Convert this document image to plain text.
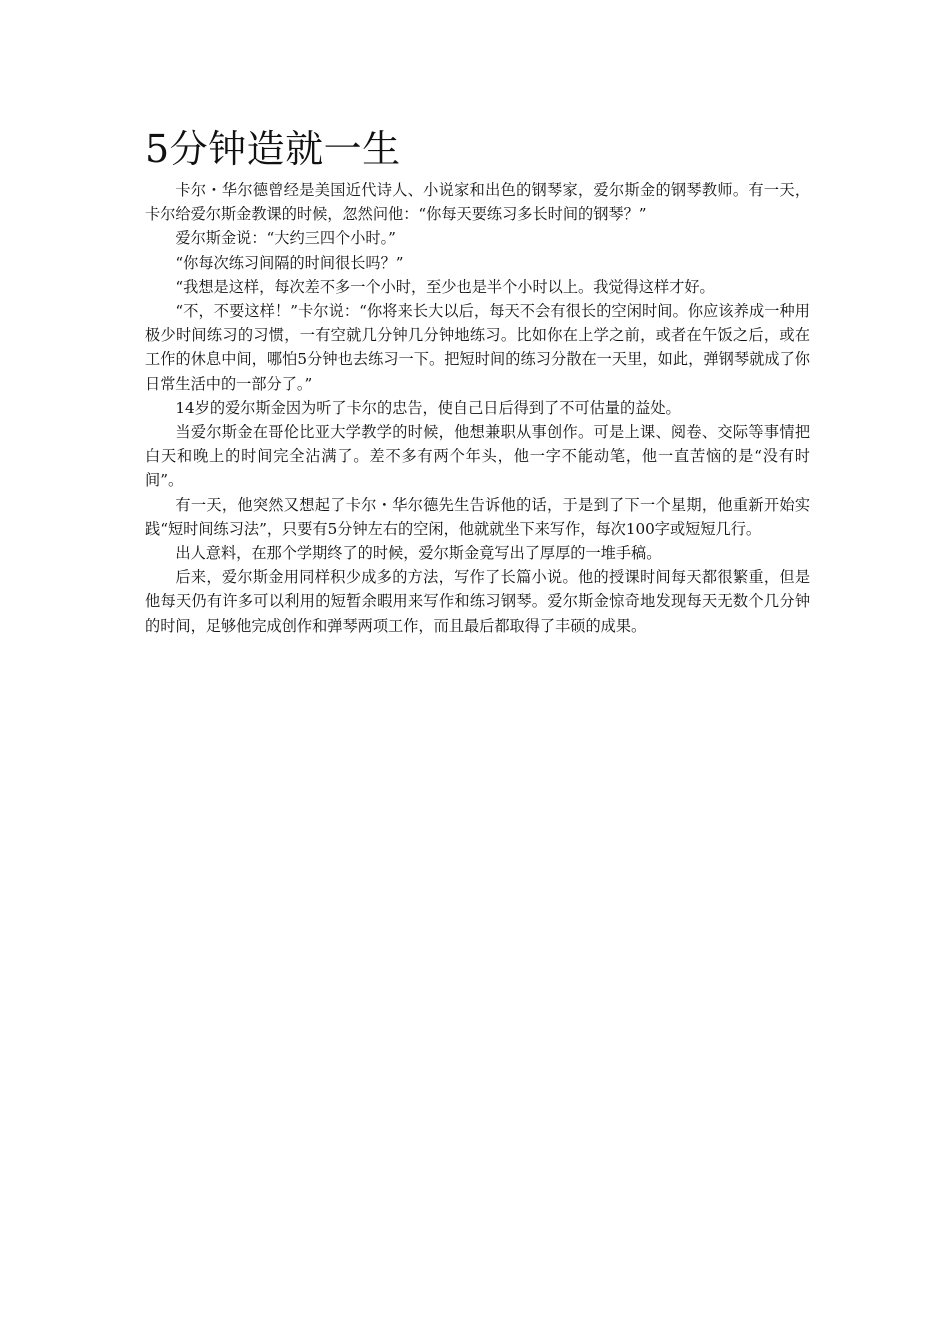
5分钟造就一生

卡尔・华尔德曾经是美国近代诗人、小说家和出色的钢琴家，爱尔斯金的钢琴教师。有一天，卡尔给爱尔斯金教课的时候，忽然问他：“你每天要练习多长时间的钢琴？”

爱尔斯金说：“大约三四个小时。”

“你每次练习间隔的时间很长吗？”

“我想是这样，每次差不多一个小时，至少也是半个小时以上。我觉得这样才好。

“不，不要这样！”卡尔说：“你将来长大以后，每天不会有很长的空闲时间。你应该养成一种用极少时间练习的习惯，一有空就几分钟几分钟地练习。比如你在上学之前，或者在午饭之后，或在工作的休息中间，哪怕5分钟也去练习一下。把短时间的练习分散在一天里，如此，弹钢琴就成了你日常生活中的一部分了。”

14岁的爱尔斯金因为听了卡尔的忠告，使自己日后得到了不可估量的益处。

当爱尔斯金在哥伦比亚大学教学的时候，他想兼职从事创作。可是上课、阅卷、交际等事情把白天和晚上的时间完全沾满了。差不多有两个年头，他一字不能动笔，他一直苦恼的是“没有时间”。

有一天，他突然又想起了卡尔・华尔德先生告诉他的话，于是到了下一个星期，他重新开始实践“短时间练习法”，只要有5分钟左右的空闲，他就就坐下来写作，每次100字或短短几行。

出人意料，在那个学期终了的时候，爱尔斯金竟写出了厚厚的一堆手稿。

后来，爱尔斯金用同样积少成多的方法，写作了长篇小说。他的授课时间每天都很繁重，但是他每天仍有许多可以利用的短暂余暇用来写作和练习钢琴。爱尔斯金惊奇地发现每天无数个几分钟的时间，足够他完成创作和弹琴两项工作，而且最后都取得了丰硕的成果。
